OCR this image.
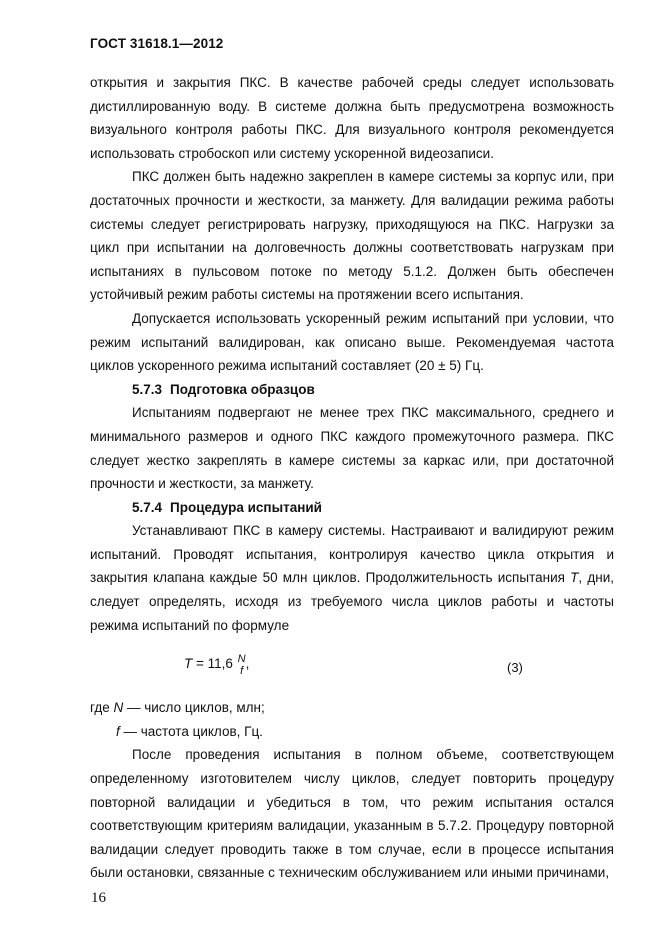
ГОСТ 31618.1—2012

открытия и закрытия ПКС. В качестве рабочей среды следует использовать дистиллированную воду. В системе должна быть предусмотрена возможность визуального контроля работы ПКС. Для визуального контроля рекомендуется использовать стробоскоп или систему ускоренной видеозаписи.

ПКС должен быть надежно закреплен в камере системы за корпус или, при достаточных прочности и жесткости, за манжету. Для валидации режима работы системы следует регистрировать нагрузку, приходящуюся на ПКС. Нагрузки за цикл при испытании на долговечность должны соответствовать нагрузкам при испытаниях в пульсовом потоке по методу 5.1.2. Должен быть обеспечен устойчивый режим работы системы на протяжении всего испытания.

Допускается использовать ускоренный режим испытаний при условии, что режим испытаний валидирован, как описано выше. Рекомендуемая частота циклов ускоренного режима испытаний составляет (20 ± 5) Гц.

5.7.3 Подготовка образцов

Испытаниям подвергают не менее трех ПКС максимального, среднего и минимального размеров и одного ПКС каждого промежуточного размера. ПКС следует жестко закреплять в камере системы за каркас или, при достаточной прочности и жесткости, за манжету.

5.7.4 Процедура испытаний

Устанавливают ПКС в камеру системы. Настраивают и валидируют режим испытаний. Проводят испытания, контролируя качество цикла открытия и закрытия клапана каждые 50 млн циклов. Продолжительность испытания T, дни, следует определять, исходя из требуемого числа циклов работы и частоты режима испытаний по формуле

T = 11,6 N
f ,	(3)

где N — число циклов, млн;

f — частота циклов, Гц.

После проведения испытания в полном объеме, соответствующем определенному изготовителем числу циклов, следует повторить процедуру повторной валидации и убедиться в том, что режим испытания остался соответствующим критериям валидации, указанным в 5.7.2. Процедуру повторной валидации следует проводить также в том случае, если в процессе испытания были остановки, связанные с техническим обслуживанием или иными причинами,

16
